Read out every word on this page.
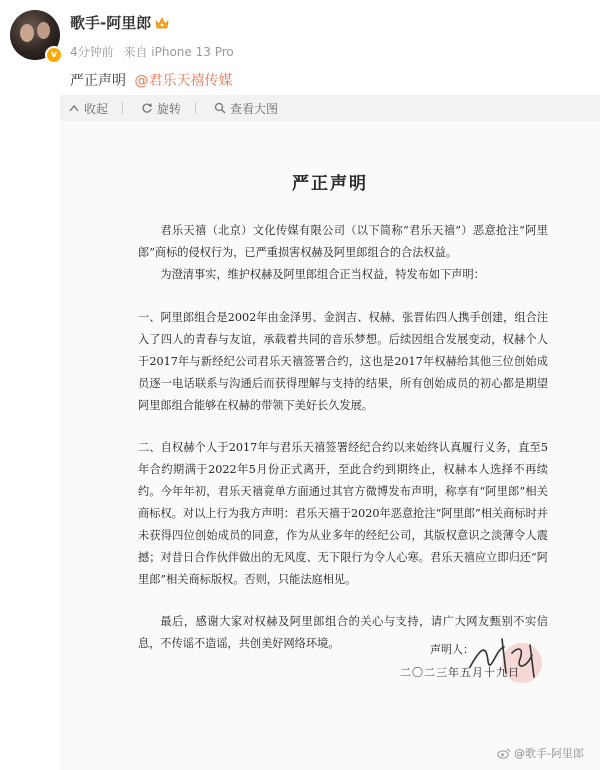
v
歌手-阿里郎
4分钟前 来自 iPhone 13 Pro
严正声明 @君乐天禧传媒
收起	旋转	查看大图
严正声明
君乐天禧（北京）文化传媒有限公司（以下简称“君乐天禧”）恶意抢注“阿里郎”商标的侵权行为，已严重损害权赫及阿里郎组合的合法权益。
为澄清事实，维护权赫及阿里郎组合正当权益，特发布如下声明：
一、阿里郎组合是2002年由金泽男、金润吉、权赫、张晋佑四人携手创建，组合注入了四人的青春与友谊，承载着共同的音乐梦想。后续因组合发展变动，权赫个人于2017年与新经纪公司君乐天禧签署合约，这也是2017年权赫给其他三位创始成员逐一电话联系与沟通后而获得理解与支持的结果，所有创始成员的初心都是期望阿里郎组合能够在权赫的带领下美好长久发展。
二、自权赫个人于2017年与君乐天禧签署经纪合约以来始终认真履行义务，直至5年合约期满于2022年5月份正式离开，至此合约到期终止，权赫本人选择不再续约。今年年初，君乐天禧竟单方面通过其官方微博发布声明，称享有“阿里郎”相关商标权。对以上行为我方声明：君乐天禧于2020年恶意抢注“阿里郎”相关商标时并未获得四位创始成员的同意，作为从业多年的经纪公司，其版权意识之淡薄令人震撼；对昔日合作伙伴做出的无风度、无下限行为令人心寒。君乐天禧应立即归还“阿里郎”相关商标版权。否则，只能法庭相见。
最后，感谢大家对权赫及阿里郎组合的关心与支持，请广大网友甄别不实信息，不传谣不造谣，共创美好网络环境。	声明人：
二〇二三年五月十九日
@歌手-阿里郎
